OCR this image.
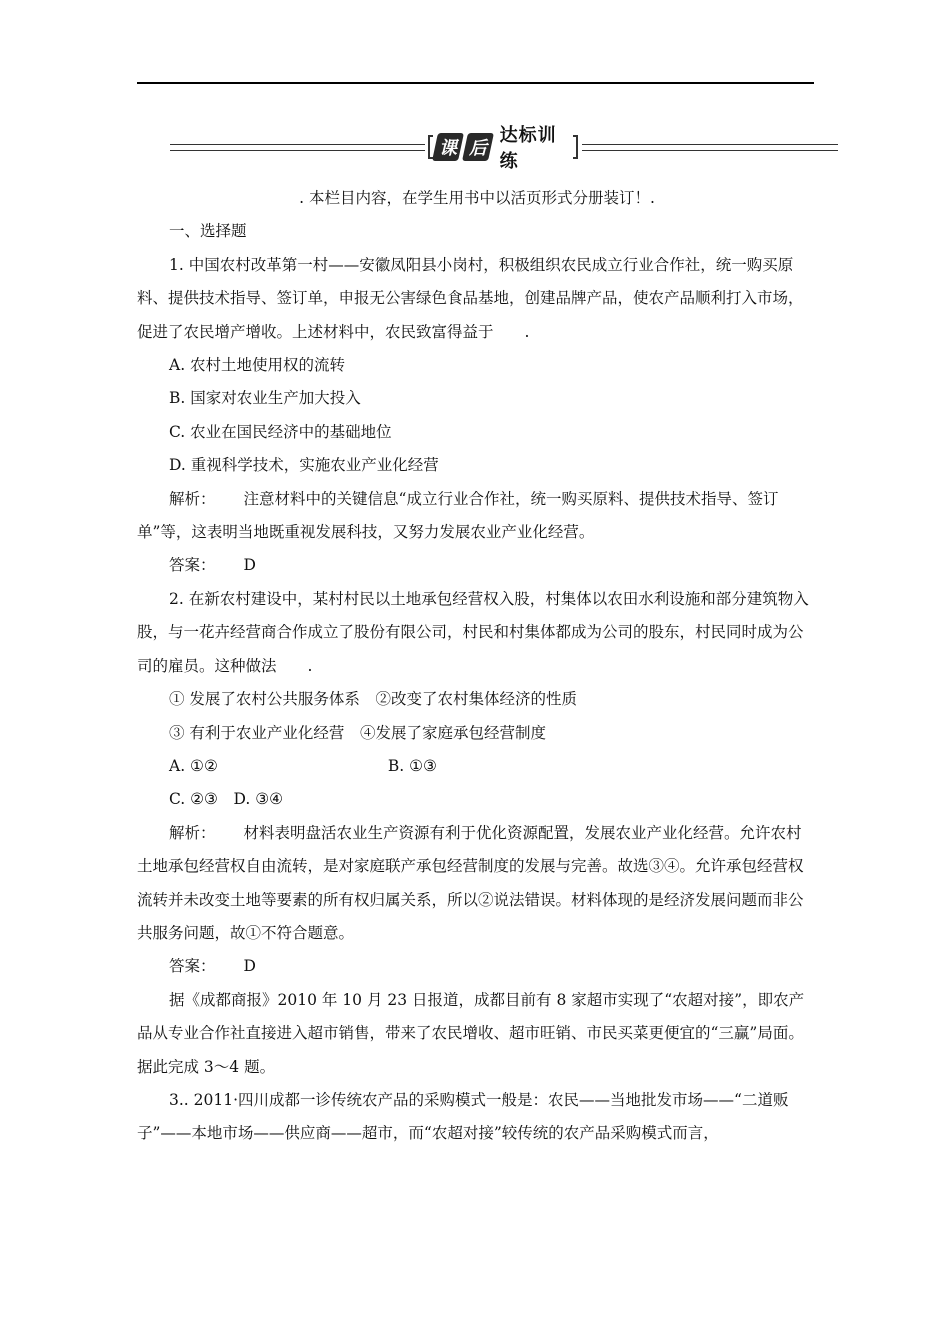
课 后
达标训练

. 本栏目内容，在学生用书中以活页形式分册装订！.

一、选择题

1. 中国农村改革第一村——安徽凤阳县小岗村，积极组织农民成立行业合作社，统一购买原料、提供技术指导、签订单，申报无公害绿色食品基地，创建品牌产品，使农产品顺利打入市场，促进了农民增产增收。上述材料中，农民致富得益于　　.

A. 农村土地使用权的流转

B. 国家对农业生产加大投入

C. 农业在国民经济中的基础地位

D. 重视科学技术，实施农业产业化经营

解析： 注意材料中的关键信息“成立行业合作社，统一购买原料、提供技术指导、签订单”等，这表明当地既重视发展科技，又努力发展农业产业化经营。

答案： D

2. 在新农村建设中，某村村民以土地承包经营权入股，村集体以农田水利设施和部分建筑物入股，与一花卉经营商合作成立了股份有限公司，村民和村集体都成为公司的股东，村民同时成为公司的雇员。这种做法　　.

① 发展了农村公共服务体系　 ②改变了农村集体经济的性质

③ 有利于农业产业化经营　 ④发展了家庭承包经营制度

A. ①②	B. ①③

C. ②③　 D. ③④

解析： 材料表明盘活农业生产资源有利于优化资源配置，发展农业产业化经营。允许农村土地承包经营权自由流转，是对家庭联产承包经营制度的发展与完善。故选③④。允许承包经营权流转并未改变土地等要素的所有权归属关系，所以②说法错误。材料体现的是经济发展问题而非公共服务问题，故①不符合题意。

答案： D

据《成都商报》2010 年 10 月 23 日报道，成都目前有 8 家超市实现了“农超对接”，即农产品从专业合作社直接进入超市销售，带来了农民增收、超市旺销、市民买菜更便宜的“三赢”局面。据此完成 3～4 题。

3.. 2011·四川成都一诊传统农产品的采购模式一般是：农民——当地批发市场——“二道贩子”——本地市场——供应商——超市，而“农超对接”较传统的农产品采购模式而言，
